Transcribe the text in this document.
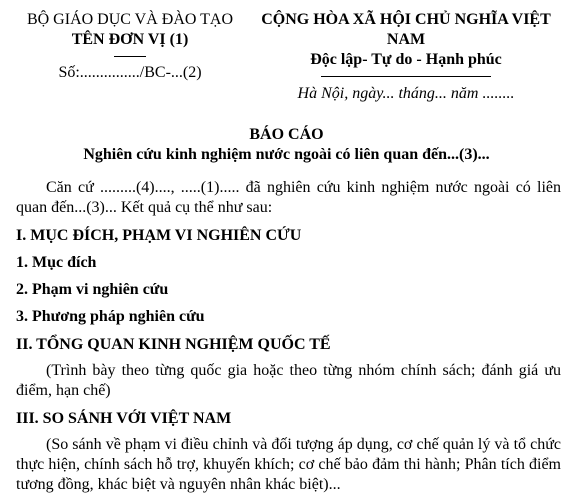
BỘ GIÁO DỤC VÀ ĐÀO TẠO
TÊN ĐƠN VỊ (1)
Số:.............../BC-...(2)
CỘNG HÒA XÃ HỘI CHỦ NGHĨA VIỆT
NAM
Độc lập- Tự do - Hạnh phúc
Hà Nội, ngày... tháng... năm ........
BÁO CÁO
Nghiên cứu kinh nghiệm nước ngoài có liên quan đến...(3)...

Căn cứ .........(4)...., .....(1)..... đã nghiên cứu kinh nghiệm nước ngoài có liên quan đến...(3)... Kết quả cụ thể như sau:

I. MỤC ĐÍCH, PHẠM VI NGHIÊN CỨU

1. Mục đích

2. Phạm vi nghiên cứu

3. Phương pháp nghiên cứu

II. TỔNG QUAN KINH NGHIỆM QUỐC TẾ

(Trình bày theo từng quốc gia hoặc theo từng nhóm chính sách; đánh giá ưu điểm, hạn chế)

III. SO SÁNH VỚI VIỆT NAM

(So sánh về phạm vi điều chỉnh và đối tượng áp dụng, cơ chế quản lý và tổ chức thực hiện, chính sách hỗ trợ, khuyến khích; cơ chế bảo đảm thi hành; Phân tích điểm tương đồng, khác biệt và nguyên nhân khác biệt)...
